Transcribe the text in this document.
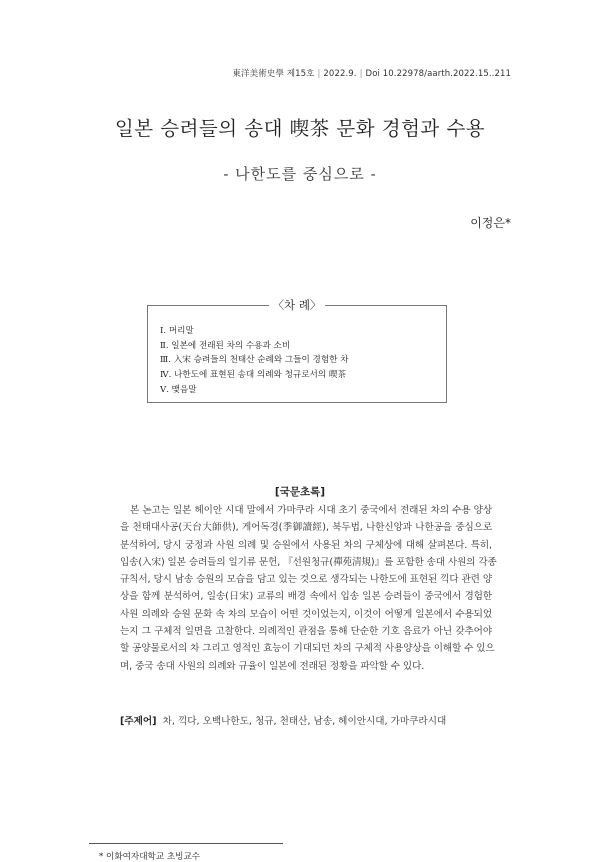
東洋美術史學 제15호 | 2022.9. | Doi 10.22978/aarth.2022.15..211
일본 승려들의 송대 喫茶 문화 경험과 수용
- 나한도를 중심으로 -
이정은*
〈차 례〉
Ⅰ. 머리말
Ⅱ. 일본에 전래된 차의 수용과 소비
Ⅲ. 入宋 승려들의 천태산 순례와 그들이 경험한 차
Ⅳ. 나한도에 표현된 송대 의례와 청규로서의 喫茶
Ⅴ. 맺음말
[국문초록]
본 논고는 일본 헤이안 시대 말에서 가마쿠라 시대 초기 중국에서 전래된 차의 수용 양상
을 천태대사공(天台大師供), 게어독경(季御讀經), 북두법, 나한신앙과 나한공을 중심으로
분석하여, 당시 궁정과 사원 의례 및 승원에서 사용된 차의 구체상에 대해 살펴본다. 특히,
입송(入宋) 일본 승려들의 일기류 문헌, 『선원청규(禪苑淸規)』를 포함한 송대 사원의 각종
규칙서, 당시 남송 승원의 모습을 담고 있는 것으로 생각되는 나한도에 표현된 끽다 관련 양
상을 함께 분석하여, 일송(日宋) 교류의 배경 속에서 입송 일본 승려들이 중국에서 경험한
사원 의례와 승원 문화 속 차의 모습이 어떤 것이었는지, 이것이 어떻게 일본에서 수용되었
는지 그 구체적 일면을 고찰한다. 의례적인 관점을 통해 단순한 기호 음료가 아닌 갖추어야
할 공양물로서의 차 그리고 영적인 효능이 기대되던 차의 구체적 사용양상을 이해할 수 있으
며, 중국 송대 사원의 의례와 규율이 일본에 전래된 정황을 파악할 수 있다.
[주제어] 차, 끽다, 오백나한도, 청규, 천태산, 남송, 헤이안시대, 가마쿠라시대
* 이화여자대학교 초빙교수
